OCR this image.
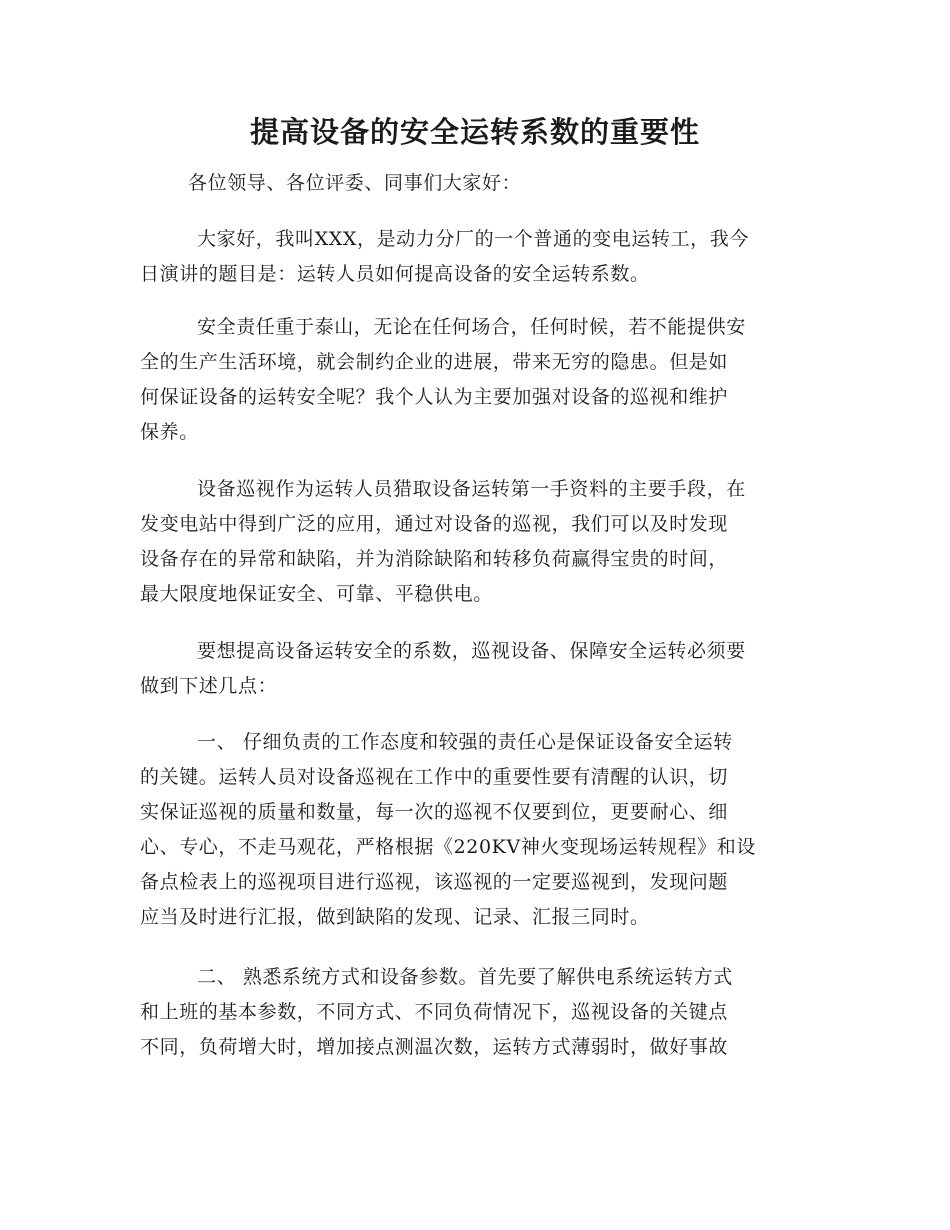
提高设备的安全运转系数的重要性

各位领导、各位评委、同事们大家好：

大家好，我叫XXX，是动力分厂的一个普通的变电运转工，我今
日演讲的题目是：运转人员如何提高设备的安全运转系数。

安全责任重于泰山，无论在任何场合，任何时候，若不能提供安
全的生产生活环境，就会制约企业的进展，带来无穷的隐患。但是如
何保证设备的运转安全呢？我个人认为主要加强对设备的巡视和维护
保养。

设备巡视作为运转人员猎取设备运转第一手资料的主要手段，在
发变电站中得到广泛的应用，通过对设备的巡视，我们可以及时发现
设备存在的异常和缺陷，并为消除缺陷和转移负荷赢得宝贵的时间，
最大限度地保证安全、可靠、平稳供电。

要想提高设备运转安全的系数，巡视设备、保障安全运转必须要
做到下述几点：

一、 仔细负责的工作态度和较强的责任心是保证设备安全运转
的关键。运转人员对设备巡视在工作中的重要性要有清醒的认识，切
实保证巡视的质量和数量，每一次的巡视不仅要到位，更要耐心、细
心、专心，不走马观花，严格根据《220KV神火变现场运转规程》和设
备点检表上的巡视项目进行巡视，该巡视的一定要巡视到，发现问题
应当及时进行汇报，做到缺陷的发现、记录、汇报三同时。

二、 熟悉系统方式和设备参数。首先要了解供电系统运转方式
和上班的基本参数，不同方式、不同负荷情况下，巡视设备的关键点
不同，负荷增大时，增加接点测温次数，运转方式薄弱时，做好事故
